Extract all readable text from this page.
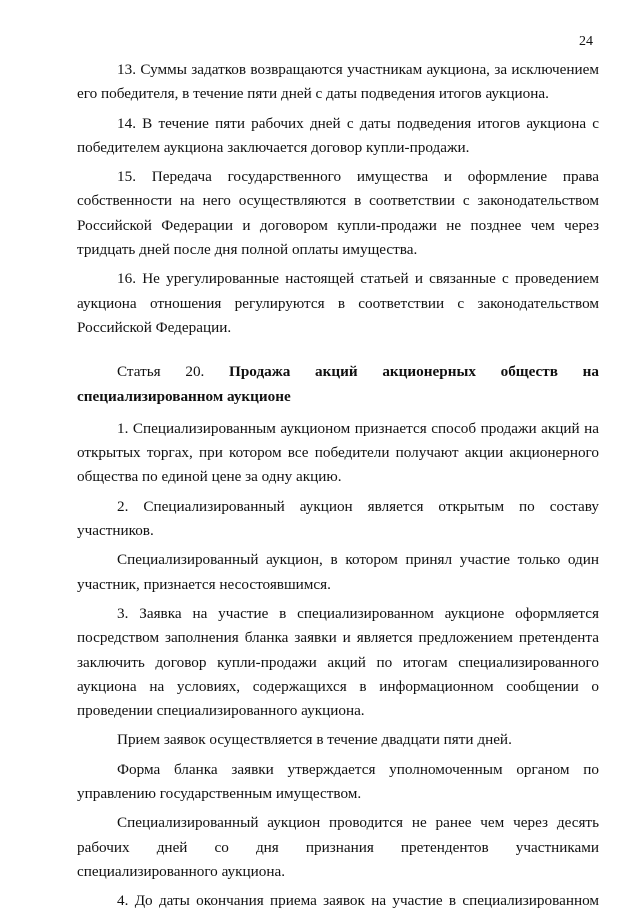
24

13. Суммы задатков возвращаются участникам аукциона, за исключением его победителя, в течение пяти дней с даты подведения итогов аукциона.

14. В течение пяти рабочих дней с даты подведения итогов аукциона с победителем аукциона заключается договор купли-продажи.

15. Передача государственного имущества и оформление права собственности на него осуществляются в соответствии с законодательством Российской Федерации и договором купли-продажи не позднее чем через тридцать дней после дня полной оплаты имущества.

16. Не урегулированные настоящей статьей и связанные с проведением аукциона отношения регулируются в соответствии с законодательством Российской Федерации.

Статья 20. Продажа акций акционерных обществ на специализированном аукционе

1. Специализированным аукционом признается способ продажи акций на открытых торгах, при котором все победители получают акции акционерного общества по единой цене за одну акцию.

2. Специализированный аукцион является открытым по составу участников.

Специализированный аукцион, в котором принял участие только один участник, признается несостоявшимся.

3. Заявка на участие в специализированном аукционе оформляется посредством заполнения бланка заявки и является предложением претендента заключить договор купли-продажи акций по итогам специализированного аукциона на условиях, содержащихся в информационном сообщении о проведении специализированного аукциона.

Прием заявок осуществляется в течение двадцати пяти дней.

Форма бланка заявки утверждается уполномоченным органом по управлению государственным имуществом.

Специализированный аукцион проводится не ранее чем через десять рабочих дней со дня признания претендентов участниками специализированного аукциона.

4. До даты окончания приема заявок на участие в специализированном
